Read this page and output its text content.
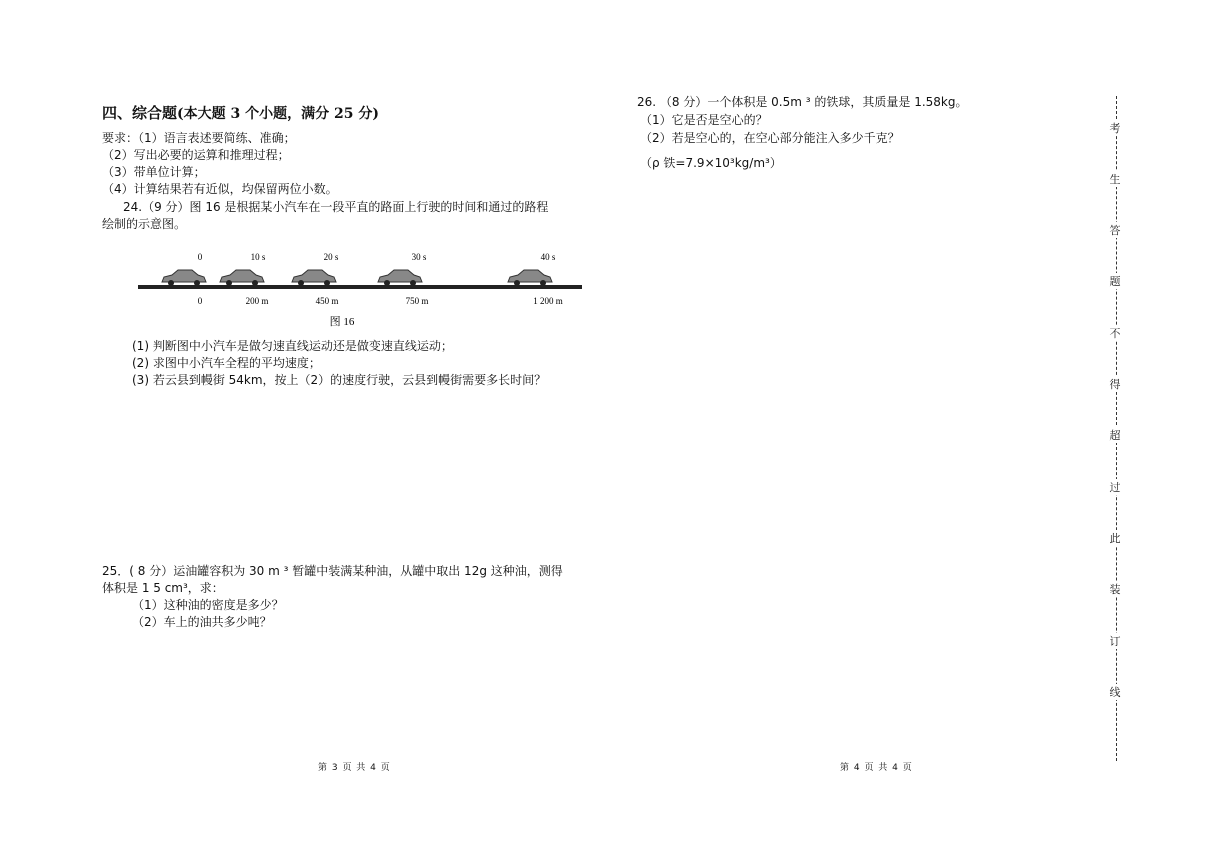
四、综合题(本大题 3 个小题，满分 25 分)
要求：（1）语言表述要简练、准确；
（2）写出必要的运算和推理过程；
（3）带单位计算；
（4）计算结果若有近似，均保留两位小数。
24.（9 分）图 16 是根据某小汽车在一段平直的路面上行驶的时间和通过的路程
绘制的示意图。
0	10 s	20 s	30 s	40 s
0	200 m	450 m	750 m	1 200 m
图 16
(1) 判断图中小汽车是做匀速直线运动还是做变速直线运动；
(2) 求图中小汽车全程的平均速度；
(3) 若云县到幔街 54km，按上（2）的速度行驶，云县到幔街需要多长时间？
25．( 8 分）运油罐容积为 30 m ³ 暂罐中装满某种油，从罐中取出 12g 这种油，测得
体积是 1 5 cm³，求：
（1）这种油的密度是多少？
（2）车上的油共多少吨？
第 3 页 共 4 页
26. （8 分）一个体积是 0.5m ³ 的铁球，其质量是 1.58kg。
（1）它是否是空心的？
（2）若是空心的，在空心部分能注入多少千克？
（ρ 铁=7.9×10³kg/m³）
第 4 页 共 4 页
考
生
答
题
不
得
超
过
此
装
订
线
